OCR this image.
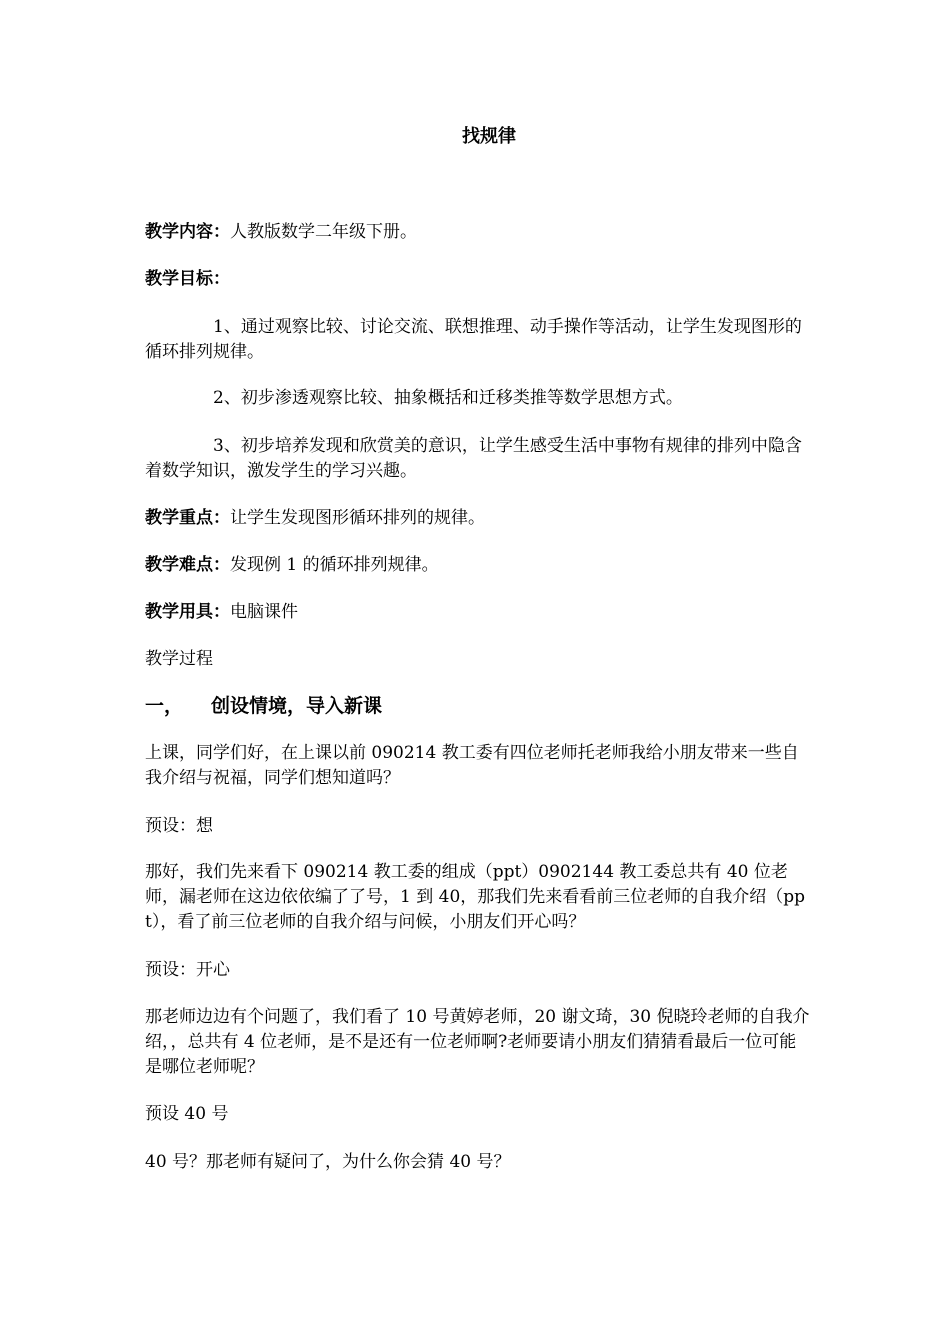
找规律
教学内容：人教版数学二年级下册。
教学目标：
1、通过观察比较、讨论交流、联想推理、动手操作等活动，让学生发现图形的循环排列规律。
2、初步渗透观察比较、抽象概括和迁移类推等数学思想方式。
3、初步培养发现和欣赏美的意识，让学生感受生活中事物有规律的排列中隐含着数学知识，激发学生的学习兴趣。
教学重点：让学生发现图形循环排列的规律。
教学难点：发现例 1 的循环排列规律。
教学用具：电脑课件
教学过程
一， 创设情境，导入新课
上课，同学们好，在上课以前 090214 教工委有四位老师托老师我给小朋友带来一些自我介绍与祝福，同学们想知道吗？
预设：想
那好，我们先来看下 090214 教工委的组成（ppt）0902144 教工委总共有 40 位老师，漏老师在这边依依编了了号，1 到 40，那我们先来看看前三位老师的自我介绍（ppt），看了前三位老师的自我介绍与问候，小朋友们开心吗？
预设：开心
那老师边边有个问题了，我们看了 10 号黄婷老师，20 谢文琦，30 倪晓玲老师的自我介绍，，总共有 4 位老师，是不是还有一位老师啊?老师要请小朋友们猜猜看最后一位可能是哪位老师呢？
预设 40 号
40 号？那老师有疑问了，为什么你会猜 40 号？
